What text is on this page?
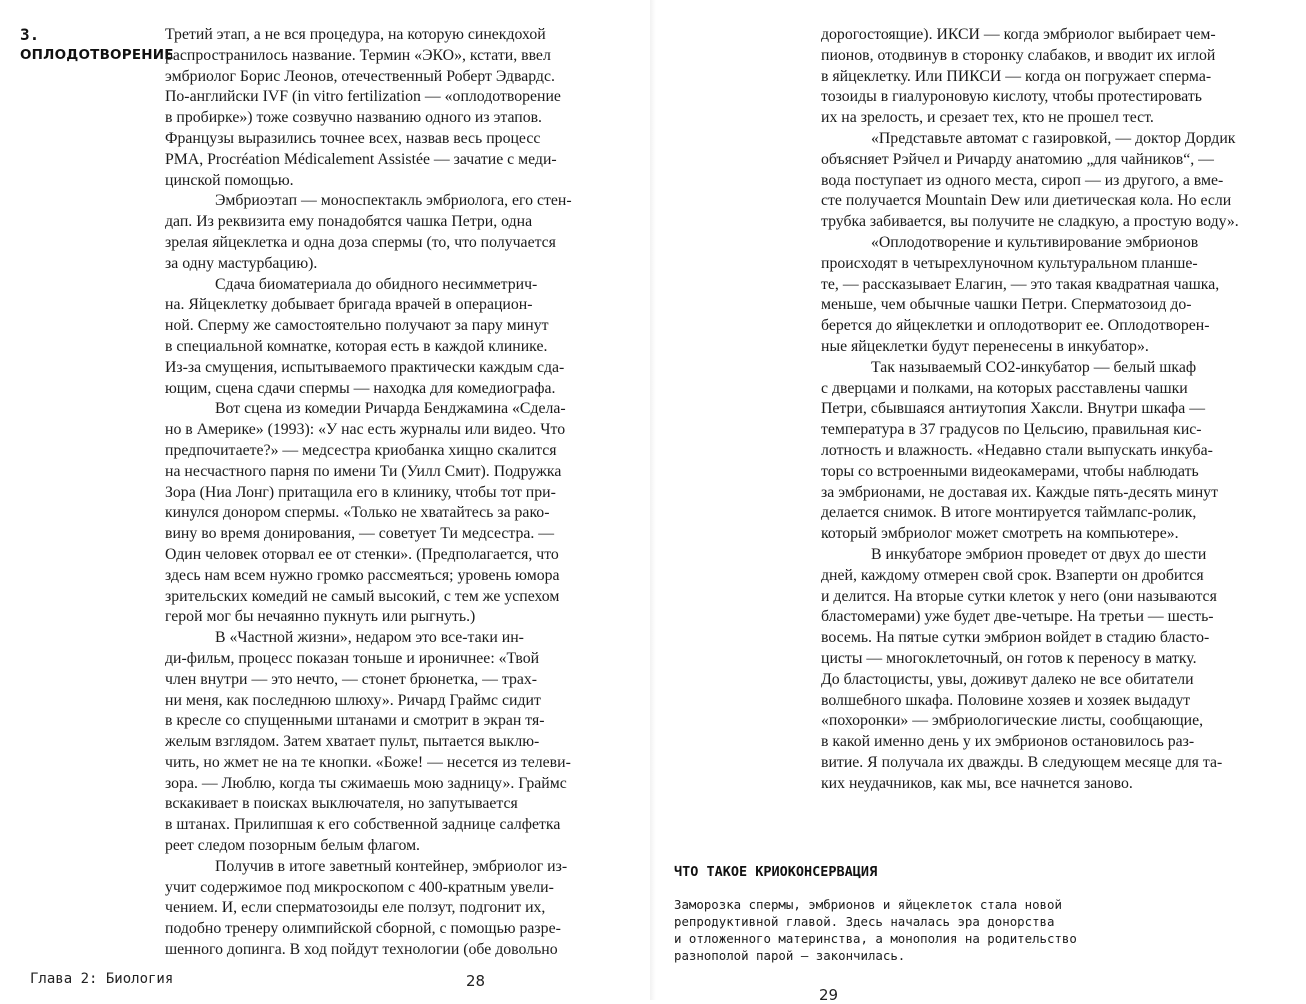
3.
ОПЛОДОТВОРЕНИЕ
Третий этап, а не вся процедура, на которую синекдохой
распространилось название. Термин «ЭКО», кстати, ввел
эмбриолог Борис Леонов, отечественный Роберт Эдвардс.
По-английски IVF (in vitro fertilization — «оплодотворение
в пробирке») тоже созвучно названию одного из этапов.
Французы выразились точнее всех, назвав весь процесс
PMA, Procréation Médicalement Assistée — зачатие с меди-
цинской помощью.
Эмбриоэтап — моноспектакль эмбриолога, его стен-
дап. Из реквизита ему понадобятся чашка Петри, одна
зрелая яйцеклетка и одна доза спермы (то, что получается
за одну мастурбацию).
Сдача биоматериала до обидного несимметрич-
на. Яйцеклетку добывает бригада врачей в операцион-
ной. Сперму же самостоятельно получают за пару минут
в специальной комнатке, которая есть в каждой клинике.
Из-за смущения, испытываемого практически каждым сда-
ющим, сцена сдачи спермы — находка для комедиографа.
Вот сцена из комедии Ричарда Бенджамина «Сделa-
но в Америке» (1993): «У нас есть журналы или видео. Что
предпочитаете?» — медсестра криобанка хищно скалится
на несчастного парня по имени Ти (Уилл Смит). Подружка
Зора (Ниа Лонг) притащила его в клинику, чтобы тот при-
кинулся донором спермы. «Только не хватайтесь за рако-
вину во время донирования, — советует Ти медсестра. —
Один человек оторвал ее от стенки». (Предполагается, что
здесь нам всем нужно громко рассмеяться; уровень юмора
зрительских комедий не самый высокий, с тем же успехом
герой мог бы нечаянно пукнуть или рыгнуть.)
В «Частной жизни», недаром это все-таки ин-
ди-фильм, процесс показан тоньше и ироничнее: «Твой
член внутри — это нечто, — стонет брюнетка, — трах-
ни меня, как последнюю шлюху». Ричард Граймс сидит
в кресле со спущенными штанами и смотрит в экран тя-
желым взглядом. Затем хватает пульт, пытается выклю-
чить, но жмет не на те кнопки. «Боже! — несется из телеви-
зора. — Люблю, когда ты сжимаешь мою задницу». Граймс
вскакивает в поисках выключателя, но запутывается
в штанах. Прилипшая к его собственной заднице салфетка
реет следом позорным белым флагом.
Получив в итоге заветный контейнер, эмбриолог из-
учит содержимое под микроскопом с 400-кратным увели-
чением. И, если сперматозоиды еле ползут, подгонит их,
подобно тренеру олимпийской сборной, с помощью разре-
шенного допинга. В ход пойдут технологии (обе довольно
Глава 2: Биология	28
дорогостоящие). ИКСИ — когда эмбриолог выбирает чем-
пионов, отодвинув в сторонку слабаков, и вводит их иглой
в яйцеклетку. Или ПИКСИ — когда он погружает сперма-
тозоиды в гиалуроновую кислоту, чтобы протестировать
их на зрелость, и срезает тех, кто не прошел тест.
«Представьте автомат с газировкой, — доктор Дордик
объясняет Рэйчел и Ричарду анатомию „для чайников“, —
вода поступает из одного места, сироп — из другого, а вме-
сте получается Mountain Dew или диетическая кола. Но если
трубка забивается, вы получите не сладкую, а простую воду».
«Оплодотворение и культивирование эмбрионов
происходят в четырехлуночном культуральном планше-
те, — рассказывает Елагин, — это такая квадратная чашка,
меньше, чем обычные чашки Петри. Сперматозоид до-
берется до яйцеклетки и оплодотворит ее. Оплодотворен-
ные яйцеклетки будут перенесены в инкубатор».
Так называемый CO2-инкубатор — белый шкаф
с дверцами и полками, на которых расставлены чашки
Петри, сбывшаяся антиутопия Хаксли. Внутри шкафа —
температура в 37 градусов по Цельсию, правильная кис-
лотность и влажность. «Недавно стали выпускать инкуба-
торы со встроенными видеокамерами, чтобы наблюдать
за эмбрионами, не доставая их. Каждые пять-десять минут
делается снимок. В итоге монтируется таймлапс-ролик,
который эмбриолог может смотреть на компьютере».
В инкубаторе эмбрион проведет от двух до шести
дней, каждому отмерен свой срок. Взаперти он дробится
и делится. На вторые сутки клеток у него (они называются
бластомерами) уже будет две-четыре. На третьи — шесть-
восемь. На пятые сутки эмбрион войдет в стадию бласто-
цисты — многоклеточный, он готов к переносу в матку.
До бластоцисты, увы, доживут далеко не все обитатели
волшебного шкафа. Половине хозяев и хозяек выдадут
«похоронки» — эмбриологические листы, сообщающие,
в какой именно день у их эмбрионов остановилось раз-
витие. Я получала их дважды. В следующем месяце для та-
ких неудачников, как мы, все начнется заново.
ЧТО ТАКОЕ КРИОКОНСЕРВАЦИЯ
Заморозка спермы, эмбрионов и яйцеклеток стала новой
репродуктивной главой. Здесь началась эра донорства
и отложенного материнства, а монополия на родительство
разнополой парой — закончилась.
29
